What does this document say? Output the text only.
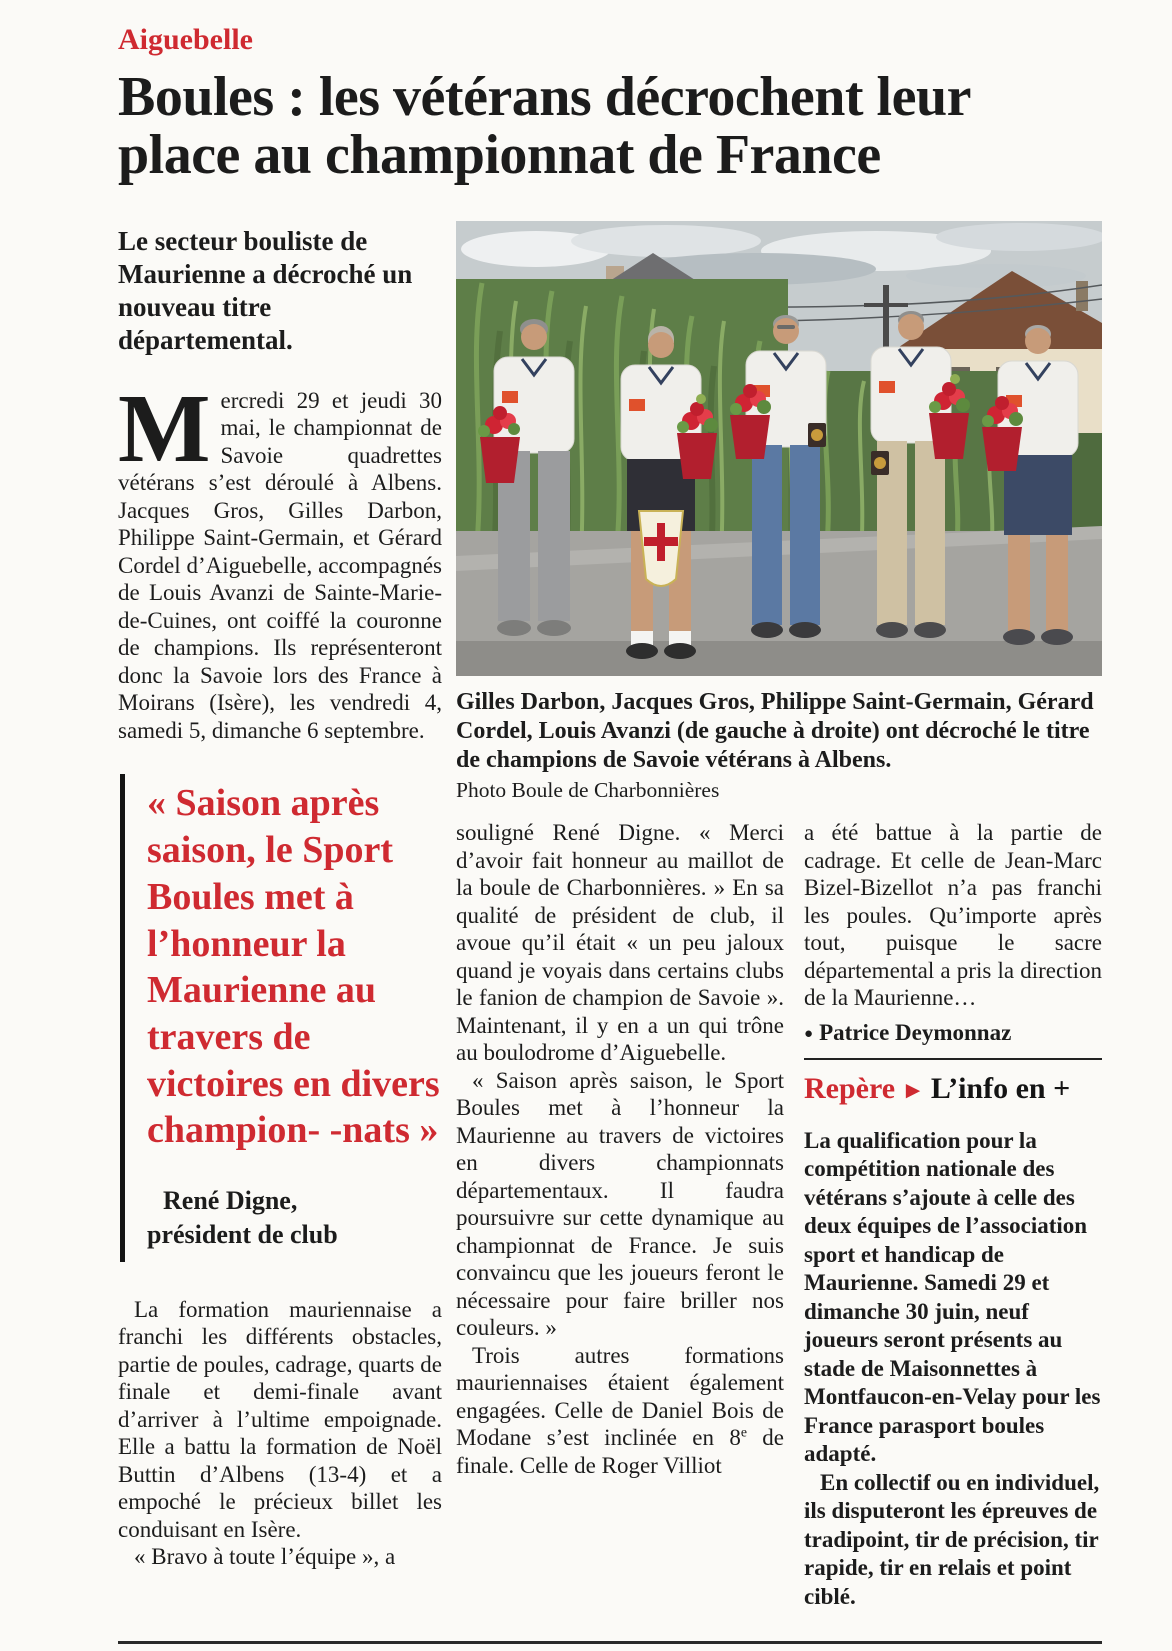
Aiguebelle

Boules : les vétérans décrochent leur place au championnat de France

Le secteur bouliste de Maurienne a décroché un nouveau titre départemental.

Mercredi 29 et jeudi 30 mai, le championnat de Savoie quadrettes vétérans s’est déroulé à Albens. Jacques Gros, Gilles Darbon, Philippe Saint-Germain, et Gérard Cordel d’Aiguebelle, accompagnés de Louis Avanzi de Sainte-Marie-de-Cuines, ont coiffé la couronne de champions. Ils représenteront donc la Savoie lors des France à Moirans (Isère), les vendredi 4, samedi 5, dimanche 6 septembre.

« Saison après saison, le Sport Boules met à l’honneur la Maurienne au travers de victoires en divers champion- -nats »
René Digne,
président de club

La formation mauriennaise a franchi les différents obstacles, partie de poules, cadrage, quarts de finale et demi-finale avant d’arriver à l’ultime empoignade. Elle a battu la formation de Noël Buttin d’Albens (13-4) et a empoché le précieux billet les conduisant en Isère.

« Bravo à toute l’équipe », a

Gilles Darbon, Jacques Gros, Philippe Saint-Germain, Gérard Cordel, Louis Avanzi (de gauche à droite) ont décroché le titre de champions de Savoie vétérans à Albens.

Photo Boule de Charbonnières

souligné René Digne. « Merci d’avoir fait honneur au maillot de la boule de Charbonnières. » En sa qualité de président de club, il avoue qu’il était « un peu jaloux quand je voyais dans certains clubs le fanion de champion de Savoie ». Maintenant, il y en a un qui trône au boulodrome d’Aiguebelle.

« Saison après saison, le Sport Boules met à l’honneur la Maurienne au travers de victoires en divers championnats départementaux. Il faudra poursuivre sur cette dynamique au championnat de France. Je suis convaincu que les joueurs feront le nécessaire pour faire briller nos couleurs. »

Trois autres formations mauriennaises étaient également engagées. Celle de Daniel Bois de Modane s’est inclinée en 8e de finale. Celle de Roger Villiot

a été battue à la partie de cadrage. Et celle de Jean-Marc Bizel-Bizellot n’a pas franchi les poules. Qu’importe après tout, puisque le sacre départemental a pris la direction de la Maurienne…

● Patrice Deymonnaz

Repère ► L’info en +

La qualification pour la compétition nationale des vétérans s’ajoute à celle des deux équipes de l’association sport et handicap de Maurienne. Samedi 29 et dimanche 30 juin, neuf joueurs seront présents au stade de Maisonnettes à Montfaucon-en-Velay pour les France parasport boules adapté.

En collectif ou en individuel, ils disputeront les épreuves de tradipoint, tir de précision, tir rapide, tir en relais et point ciblé.
